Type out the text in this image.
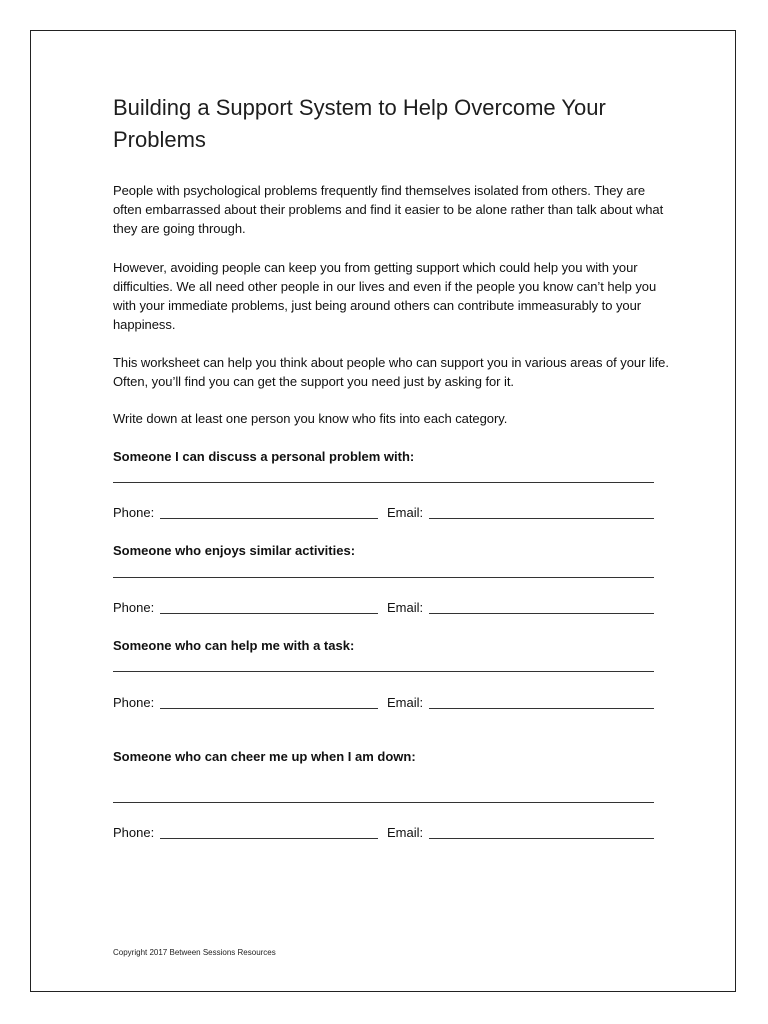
Building a Support System to Help Overcome Your Problems

People with psychological problems frequently find themselves isolated from others. They are often embarrassed about their problems and find it easier to be alone rather than talk about what they are going through.

However, avoiding people can keep you from getting support which could help you with your difficulties. We all need other people in our lives and even if the people you know can’t help you with your immediate problems, just being around others can contribute immeasurably to your happiness.

This worksheet can help you think about people who can support you in various areas of your life. Often, you’ll find you can get the support you need just by asking for it.

Write down at least one person you know who fits into each category.

Someone I can discuss a personal problem with:
Phone:	Email:
Someone who enjoys similar activities:
Phone:	Email:
Someone who can help me with a task:
Phone:	Email:
Someone who can cheer me up when I am down:
Phone:	Email:
Copyright 2017 Between Sessions Resources
